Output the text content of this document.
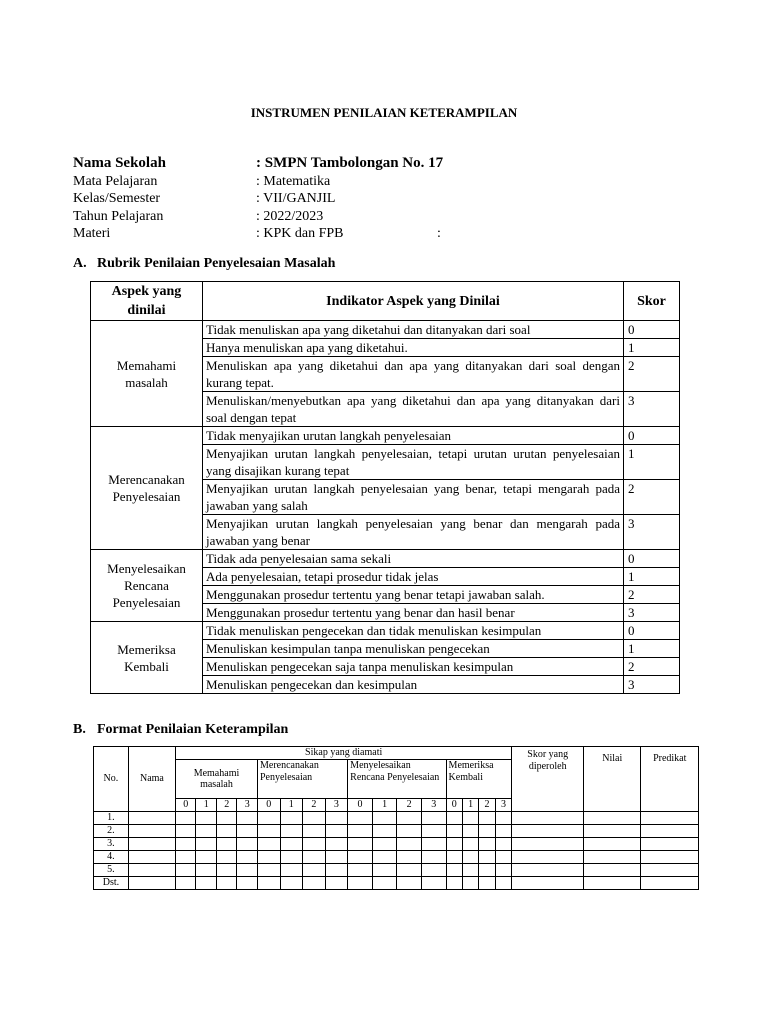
INSTRUMEN PENILAIAN KETERAMPILAN
Nama Sekolah	: SMPN Tambolongan No. 17
Mata Pelajaran	: Matematika
Kelas/Semester	: VII/GANJIL
Tahun Pelajaran	: 2022/2023
Materi	: KPK dan FPB	:
A. Rubrik Penilaian Penyelesaian Masalah
Aspek yang dinilai	Indikator Aspek yang Dinilai	Skor
Memahami masalah	Tidak menuliskan apa yang diketahui dan ditanyakan dari soal	0
	Hanya menuliskan apa yang diketahui.	1
	Menuliskan apa yang diketahui dan apa yang ditanyakan dari soal dengan kurang tepat.	2
	Menuliskan/menyebutkan apa yang diketahui dan apa yang ditanyakan dari soal dengan tepat	3
Merencanakan Penyelesaian	Tidak menyajikan urutan langkah penyelesaian	0
	Menyajikan urutan langkah penyelesaian, tetapi urutan urutan penyelesaian yang disajikan kurang tepat	1
	Menyajikan urutan langkah penyelesaian yang benar, tetapi mengarah pada jawaban yang salah	2
	Menyajikan urutan langkah penyelesaian yang benar dan mengarah pada jawaban yang benar	3
Menyelesaikan Rencana Penyelesaian	Tidak ada penyelesaian sama sekali	0
	Ada penyelesaian, tetapi prosedur tidak jelas	1
	Menggunakan prosedur tertentu yang benar tetapi jawaban salah.	2
	Menggunakan prosedur tertentu yang benar dan hasil benar	3
Memeriksa Kembali	Tidak menuliskan pengecekan dan tidak menuliskan kesimpulan	0
	Menuliskan kesimpulan tanpa menuliskan pengecekan	1
	Menuliskan pengecekan saja tanpa menuliskan kesimpulan	2
	Menuliskan pengecekan dan kesimpulan	3
B. Format Penilaian Keterampilan
No.	Nama	Sikap yang diamati																Skor yang diperoleh	Nilai	Predikat
		Memahami masalah				Merencanakan Penyelesaian				Menyelesaikan Rencana Penyelesaian				Memeriksa Kembali						
		0	1	2	3	0	1	2	3	0	1	2	3	0	1	2	3			
1.																				
2.																				
3.																				
4.																				
5.																				
Dst.																				
